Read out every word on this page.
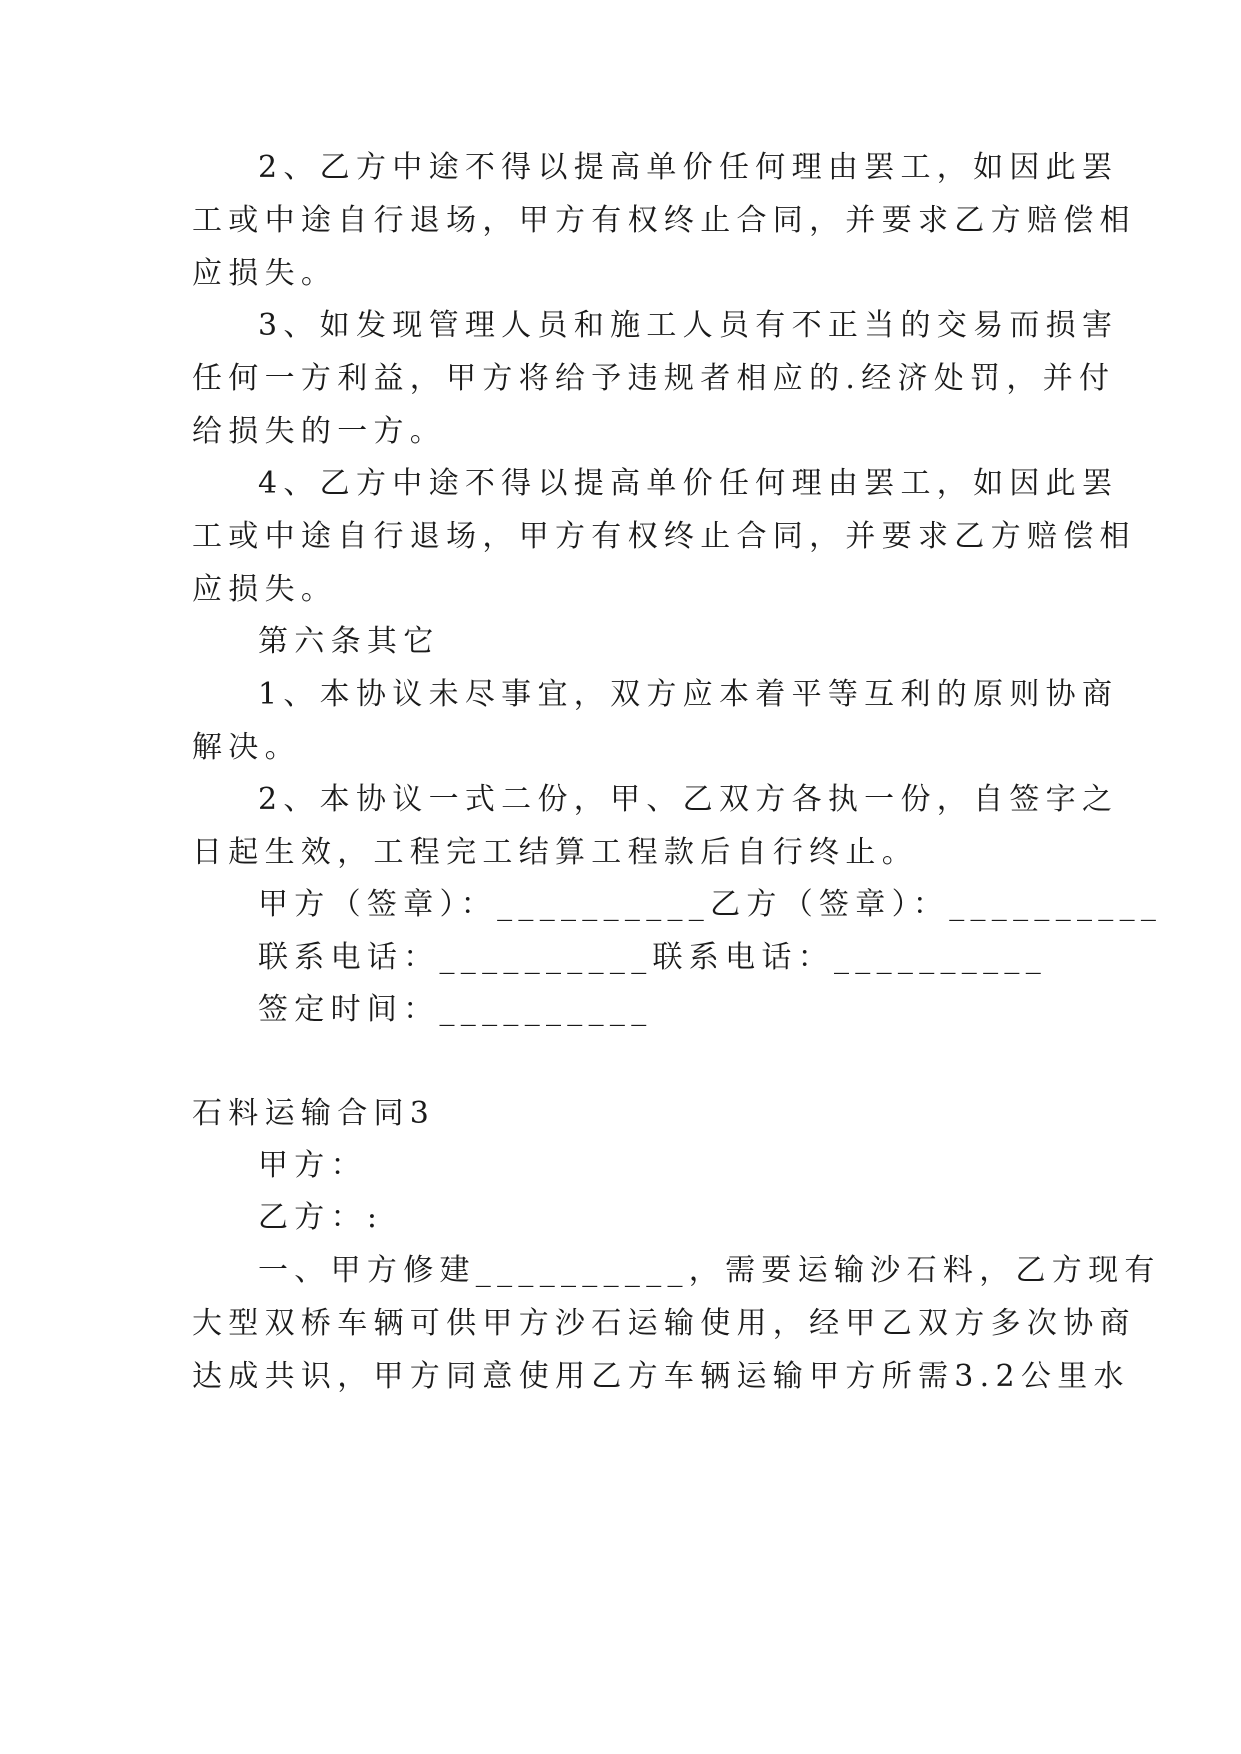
2、乙方中途不得以提高单价任何理由罢工，如因此罢
工或中途自行退场，甲方有权终止合同，并要求乙方赔偿相
应损失。
3、如发现管理人员和施工人员有不正当的交易而损害
任何一方利益，甲方将给予违规者相应的.经济处罚，并付
给损失的一方。
4、乙方中途不得以提高单价任何理由罢工，如因此罢
工或中途自行退场，甲方有权终止合同，并要求乙方赔偿相
应损失。
第六条其它
1、本协议未尽事宜，双方应本着平等互利的原则协商
解决。
2、本协议一式二份，甲、乙双方各执一份，自签字之
日起生效，工程完工结算工程款后自行终止。
甲方（签章）：__________乙方（签章）：__________
联系电话：__________联系电话：__________
签定时间：__________
石料运输合同3
甲方：
乙方：:
一、甲方修建__________，需要运输沙石料，乙方现有
大型双桥车辆可供甲方沙石运输使用，经甲乙双方多次协商
达成共识，甲方同意使用乙方车辆运输甲方所需3.2公里水
